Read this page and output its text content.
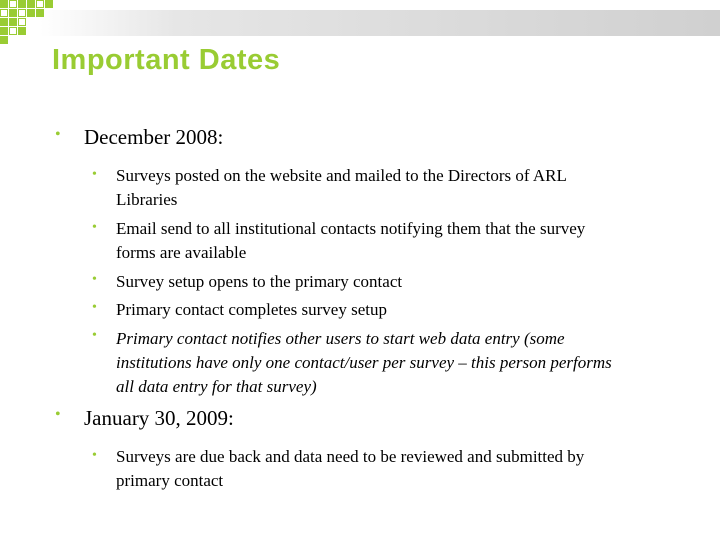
Important Dates
• December 2008:
• Surveys posted on the website and mailed to the Directors of ARL Libraries
• Email send to all institutional contacts notifying them that the survey forms are available
• Survey setup opens to the primary contact
• Primary contact completes survey setup
• Primary contact notifies other users to start web data entry (some institutions have only one contact/user per survey – this person performs all data entry for that survey)
• January 30, 2009:
• Surveys are due back and data need to be reviewed and submitted by primary contact
